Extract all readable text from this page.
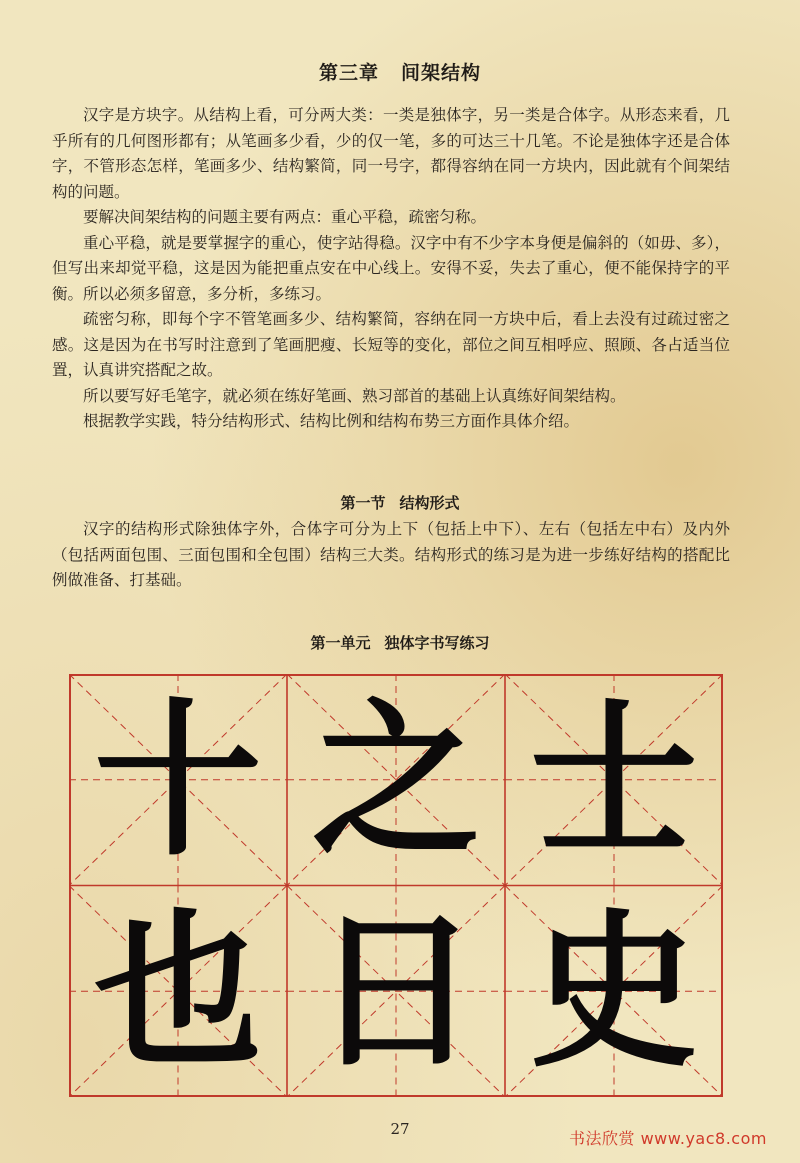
第三章 间架结构

汉字是方块字。从结构上看，可分两大类：一类是独体字，另一类是合体字。从形态来看，几乎所有的几何图形都有；从笔画多少看，少的仅一笔，多的可达三十几笔。不论是独体字还是合体字，不管形态怎样，笔画多少、结构繁简，同一号字，都得容纳在同一方块内，因此就有个间架结构的问题。

要解决间架结构的问题主要有两点：重心平稳，疏密匀称。

重心平稳，就是要掌握字的重心，使字站得稳。汉字中有不少字本身便是偏斜的（如毋、多），但写出来却觉平稳，这是因为能把重点安在中心线上。安得不妥，失去了重心，便不能保持字的平衡。所以必须多留意，多分析，多练习。

疏密匀称，即每个字不管笔画多少、结构繁简，容纳在同一方块中后，看上去没有过疏过密之感。这是因为在书写时注意到了笔画肥瘦、长短等的变化，部位之间互相呼应、照顾、各占适当位置，认真讲究搭配之故。

所以要写好毛笔字，就必须在练好笔画、熟习部首的基础上认真练好间架结构。

根据教学实践，特分结构形式、结构比例和结构布势三方面作具体介绍。

第一节 结构形式

汉字的结构形式除独体字外，合体字可分为上下（包括上中下）、左右（包括左中右）及内外（包括两面包围、三面包围和全包围）结构三大类。结构形式的练习是为进一步练好结构的搭配比例做准备、打基础。

第一单元 独体字书写练习
十 之 士
也 日 史
27	书法欣赏 www.yac8.com
